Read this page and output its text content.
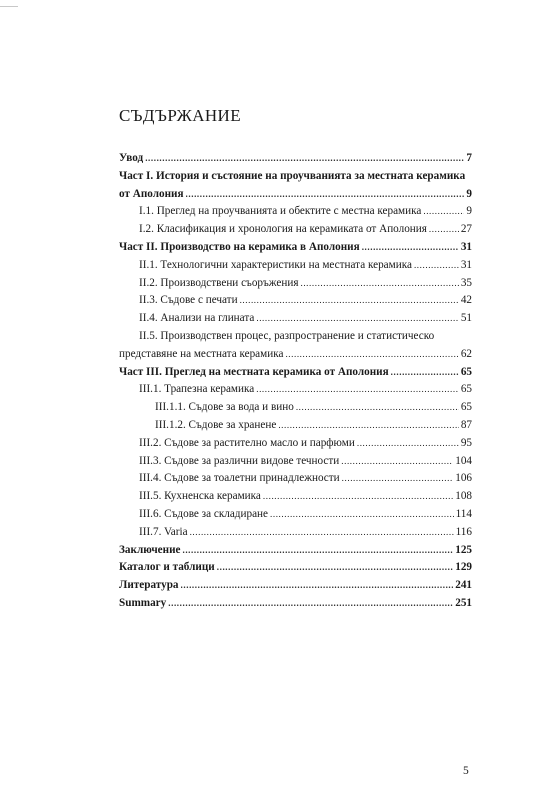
СЪДЪРЖАНИЕ
Увод .....	7
Част I. История и състояние на проучванията за местната керамика
от Аполония .....	9
I.1. Преглед на проучванията и обектите с местна керамика .....	9
I.2. Класификация и хронология на керамиката от Аполония .....	27
Част II. Производство на керамика в Аполония .....	31
II.1. Технологични характеристики на местната керамика .....	31
II.2. Производствени съоръжения .....	35
II.3. Съдове с печати .....	42
II.4. Анализи на глината .....	51
II.5. Производствен процес, разпространение и статистическо
представяне на местната керамика .....	62
Част III. Преглед на местната керамика от Аполония .....	65
III.1. Трапезна керамика .....	65
III.1.1. Съдове за вода и вино .....	65
III.1.2. Съдове за хранене .....	87
III.2. Съдове за растително масло и парфюми .....	95
III.3. Съдове за различни видове течности .....	104
III.4. Съдове за тоалетни принадлежности .....	106
III.5. Кухненска керамика .....	108
III.6. Съдове за складиране .....	114
III.7. Varia .....	116
Заключение .....	125
Каталог и таблици .....	129
Литература .....	241
Summary .....	251
5
